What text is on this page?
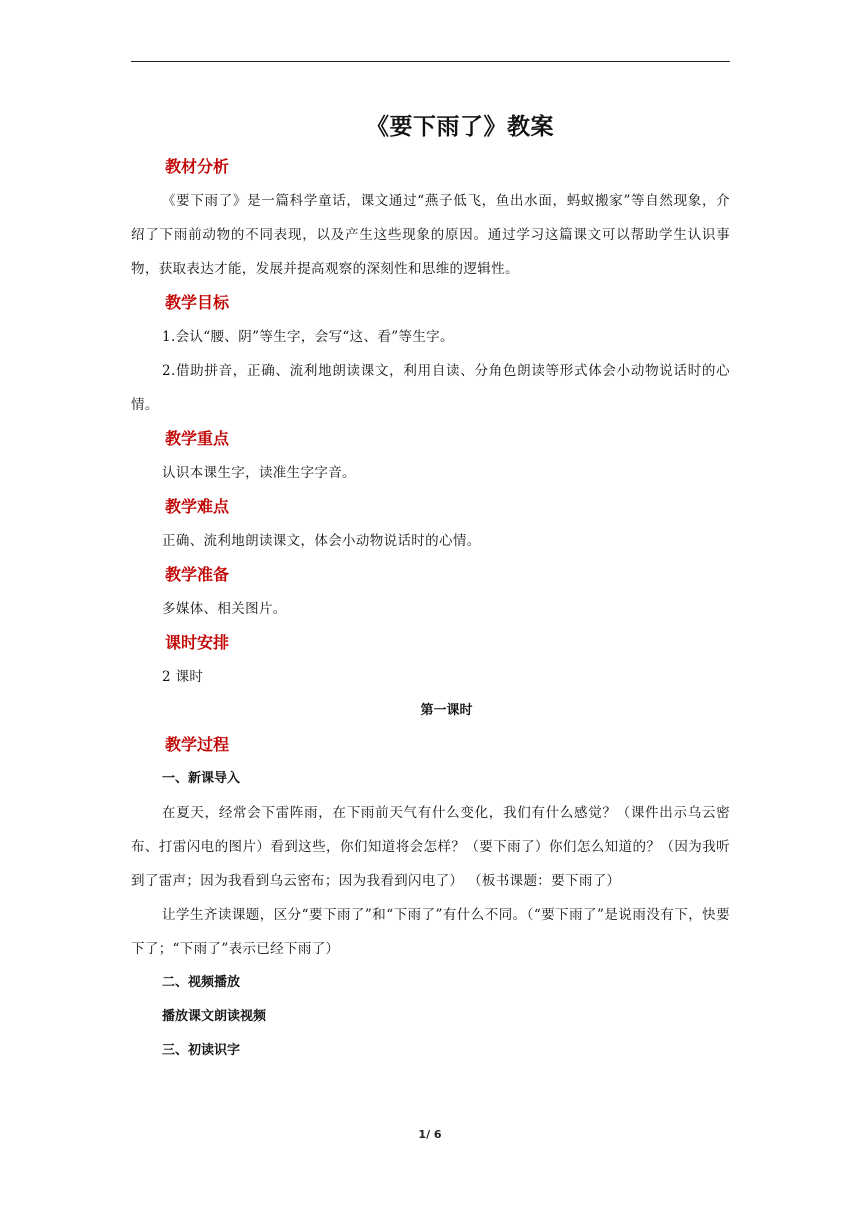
《要下雨了》教案
教材分析

《要下雨了》是一篇科学童话，课文通过“燕子低飞，鱼出水面，蚂蚁搬家”等自然现象，介绍了下雨前动物的不同表现，以及产生这些现象的原因。通过学习这篇课文可以帮助学生认识事物，获取表达才能，发展并提高观察的深刻性和思维的逻辑性。

教学目标

1.会认“腰、阴”等生字，会写“这、看”等生字。

2.借助拼音，正确、流利地朗读课文，利用自读、分角色朗读等形式体会小动物说话时的心情。

教学重点

认识本课生字，读准生字字音。

教学难点

正确、流利地朗读课文，体会小动物说话时的心情。

教学准备

多媒体、相关图片。

课时安排

2 课时

第一课时

教学过程

一、新课导入

在夏天，经常会下雷阵雨，在下雨前天气有什么变化，我们有什么感觉？（课件出示乌云密布、打雷闪电的图片）看到这些，你们知道将会怎样？（要下雨了）你们怎么知道的？（因为我听到了雷声；因为我看到乌云密布；因为我看到闪电了） （板书课题：要下雨了）

让学生齐读课题，区分“要下雨了”和“下雨了”有什么不同。（“要下雨了”是说雨没有下，快要下了；“下雨了”表示已经下雨了）

二、视频播放

播放课文朗读视频

三、初读识字

1/ 6
